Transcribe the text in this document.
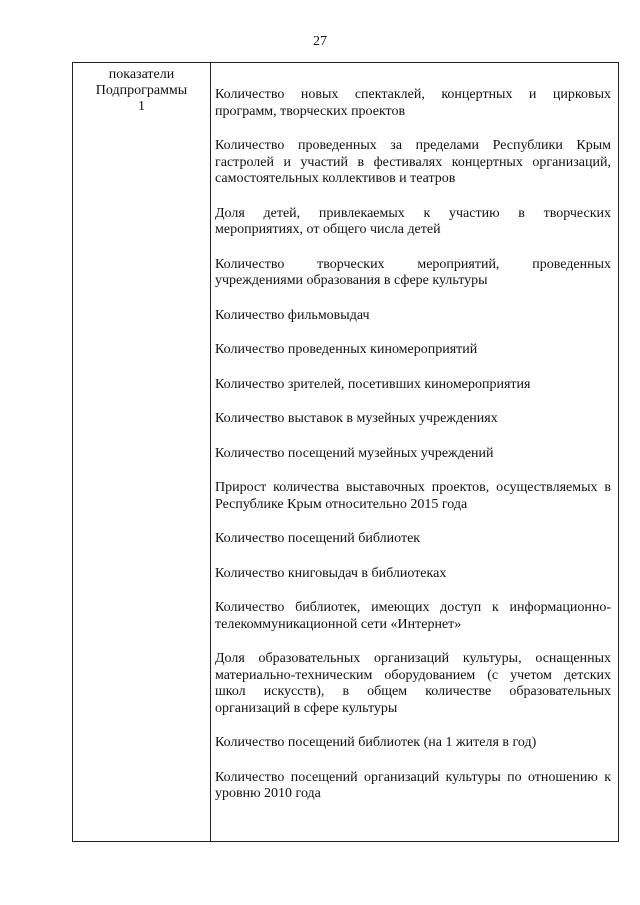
27
показатели
Подпрограммы
1

Количество новых спектаклей, концертных и цирковых программ, творческих проектов

Количество проведенных за пределами Республики Крым гастролей и участий в фестивалях концертных организаций, самостоятельных коллективов и театров

Доля детей, привлекаемых к участию в творческих мероприятиях, от общего числа детей

Количество творческих мероприятий, проведенных учреждениями образования в сфере культуры

Количество фильмовыдач

Количество проведенных киномероприятий

Количество зрителей, посетивших киномероприятия

Количество выставок в музейных учреждениях

Количество посещений музейных учреждений

Прирост количества выставочных проектов, осуществляемых в Республике Крым относительно 2015 года

Количество посещений библиотек

Количество книговыдач в библиотеках

Количество библиотек, имеющих доступ к информационно-телекоммуникационной сети «Интернет»

Доля образовательных организаций культуры, оснащенных материально-техническим оборудованием (с учетом детских школ искусств), в общем количестве образовательных организаций в сфере культуры

Количество посещений библиотек (на 1 жителя в год)

Количество посещений организаций культуры по отношению к уровню 2010 года
